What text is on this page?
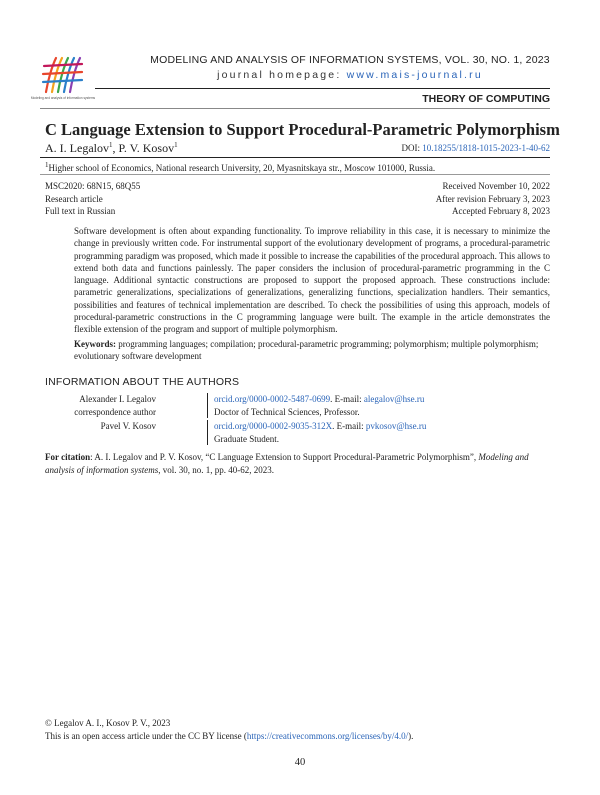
Modeling and analysis of information systems
MODELING AND ANALYSIS OF INFORMATION SYSTEMS, VOL. 30, NO. 1, 2023
journal homepage: www.mais-journal.ru
THEORY OF COMPUTING
C Language Extension to Support Procedural-Parametric Polymorphism
A. I. Legalov$^1$, P. V. Kosov$^1$	DOI: 10.18255/1818-1015-2023-1-40-62
$^1$Higher school of Economics, National research University, 20, Myasnitskaya str., Moscow 101000, Russia.
MSC2020: 68N15, 68Q55
Research article
Full text in Russian
Received November 10, 2022
After revision February 3, 2023
Accepted February 8, 2023
Software development is often about expanding functionality. To improve reliability in this case, it is necessary to minimize the change in previously written code. For instrumental support of the evolutionary development of programs, a procedural-parametric programming paradigm was proposed, which made it possible to increase the capabilities of the procedural approach. This allows to extend both data and functions painlessly. The paper considers the inclusion of procedural-parametric programming in the C language. Additional syntactic constructions are proposed to support the proposed approach. These constructions include: parametric generalizations, specializations of generalizations, generalizing functions, specialization handlers. Their semantics, possibilities and features of technical implementation are described. To check the possibilities of using this approach, models of procedural-parametric constructions in the C programming language were built. The example in the article demonstrates the flexible extension of the program and support of multiple polymorphism.
Keywords: programming languages; compilation; procedural-parametric programming; polymorphism; multiple polymorphism; evolutionary software development
INFORMATION ABOUT THE AUTHORS
Alexander I. Legalov
correspondence author
orcid.org/0000-0002-5487-0699. E-mail: alegalov@hse.ru
Doctor of Technical Sciences, Professor.
Pavel V. Kosov	orcid.org/0000-0002-9035-312X. E-mail: pvkosov@hse.ru
Graduate Student.
For citation: A. I. Legalov and P. V. Kosov, “C Language Extension to Support Procedural-Parametric Polymorphism”, Modeling and analysis of information systems, vol. 30, no. 1, pp. 40-62, 2023.
© Legalov A. I., Kosov P. V., 2023
This is an open access article under the CC BY license (https://creativecommons.org/licenses/by/4.0/).
40
